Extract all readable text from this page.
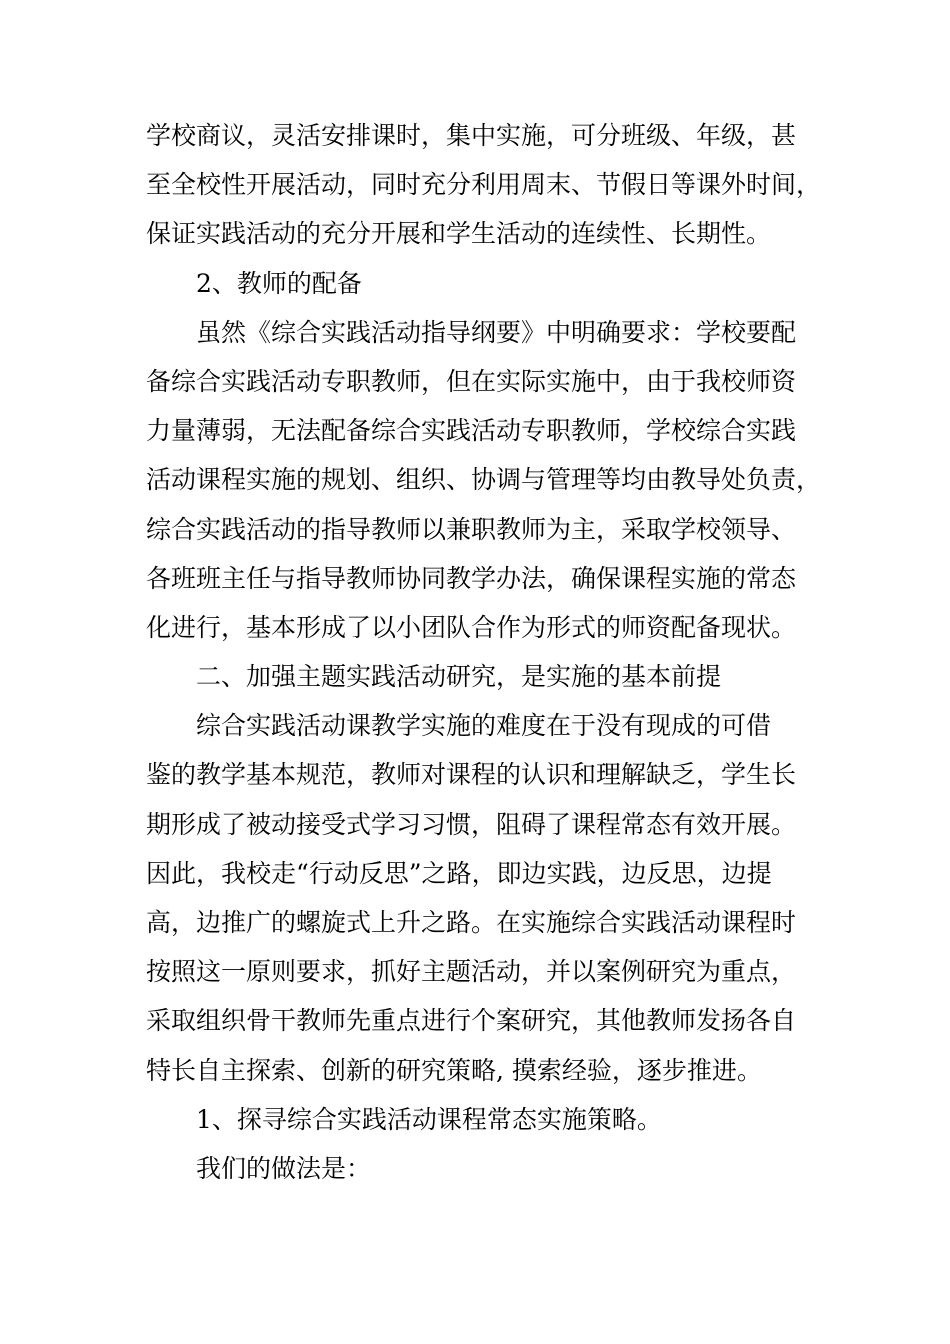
学校商议，灵活安排课时，集中实施，可分班级、年级，甚
至全校性开展活动，同时充分利用周末、节假日等课外时间，
保证实践活动的充分开展和学生活动的连续性、长期性。
2、教师的配备
虽然《综合实践活动指导纲要》中明确要求：学校要配
备综合实践活动专职教师，但在实际实施中，由于我校师资
力量薄弱，无法配备综合实践活动专职教师，学校综合实践
活动课程实施的规划、组织、协调与管理等均由教导处负责，
综合实践活动的指导教师以兼职教师为主，采取学校领导、
各班班主任与指导教师协同教学办法，确保课程实施的常态
化进行，基本形成了以小团队合作为形式的师资配备现状。
二、加强主题实践活动研究，是实施的基本前提
综合实践活动课教学实施的难度在于没有现成的可借
鉴的教学基本规范，教师对课程的认识和理解缺乏，学生长
期形成了被动接受式学习习惯，阻碍了课程常态有效开展。
因此，我校走“行动反思”之路，即边实践，边反思，边提
高，边推广的螺旋式上升之路。在实施综合实践活动课程时
按照这一原则要求，抓好主题活动，并以案例研究为重点，
采取组织骨干教师先重点进行个案研究，其他教师发扬各自
特长自主探索、创新的研究策略, 摸索经验，逐步推进。
1、探寻综合实践活动课程常态实施策略。
我们的做法是：
